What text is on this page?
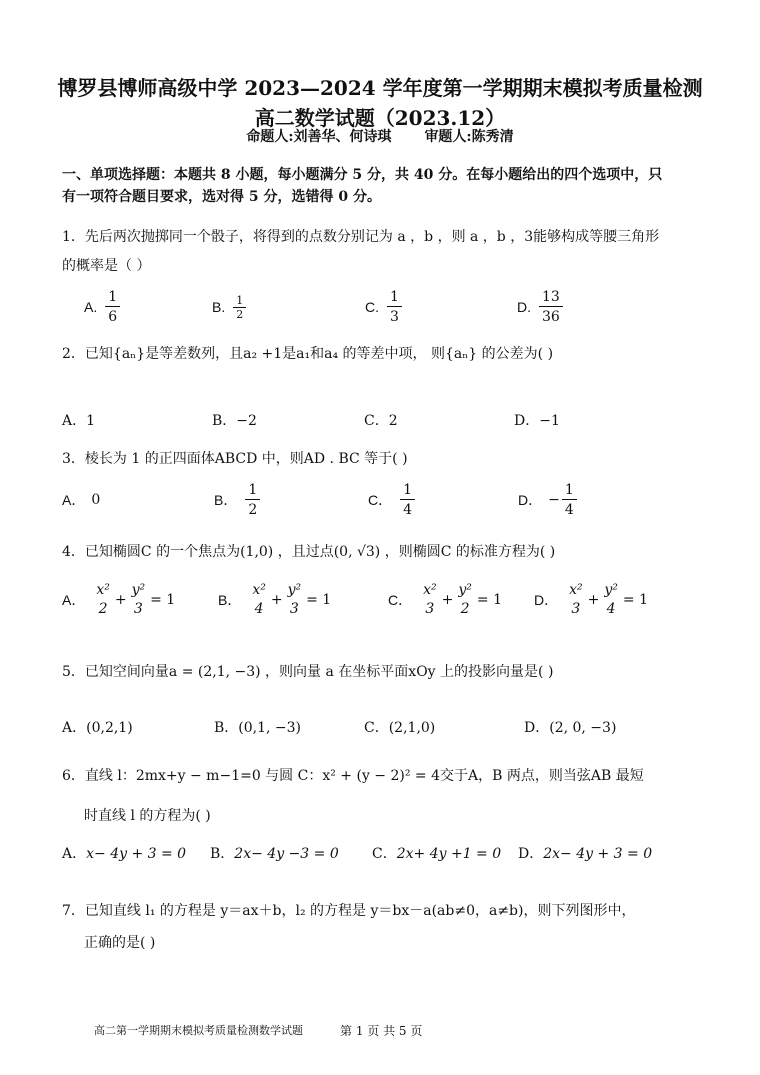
博罗县博师高级中学 2023—2024 学年度第一学期期末模拟考质量检测
高二数学试题（2023.12）
命题人:刘善华、何诗琪 审题人:陈秀清
一、单项选择题：本题共 8 小题，每小题满分 5 分，共 40 分。在每小题给出的四个选项中，只
有一项符合题目要求，选对得 5 分，选错得 0 分。
1．先后两次抛掷同一个骰子，将得到的点数分别记为 a ，b ，则 a ，b ，3能够构成等腰三角形
的概率是（ ）
A. $\frac{1}{6}$	B. $\frac{1}{2}$	C. $\frac{1}{3}$	D. $\frac{13}{36}$
2．已知{aₙ}是等差数列，且a₂ +1是a₁和a₄ 的等差中项， 则{aₙ} 的公差为( )
A．1	B．−2	C．2	D．−1
3．棱长为 1 的正四面体ABCD 中，则AD . BC 等于( )
A． 0	B． $\frac{1}{2}$	C． $\frac{1}{4}$	D． − $\frac{1}{4}$
4．已知椭圆C 的一个焦点为(1,0) ，且过点(0, √3) ，则椭圆C 的标准方程为( )
A．
x²
2
+
y²
3
= 1	B．
x²
4
+
y²
3
= 1	C．
x²
3
+
y²
2
= 1 D．
x²
3
+
y²
4
= 1
5．已知空间向量a = (2,1, −3) ，则向量 a 在坐标平面xOy 上的投影向量是( )
A．(0,2,1)	B．(0,1, −3)	C．(2,1,0)	D．(2, 0, −3)
6．直线 l：2mx+y − m−1=0 与圆 C：x² + (y − 2)² = 4交于A，B 两点，则当弦AB 最短
时直线 l 的方程为( )
A．x− 4y + 3 = 0 B．2x− 4y −3 = 0 C．2x+ 4y +1 = 0 D．2x− 4y + 3 = 0
7．已知直线 l₁ 的方程是 y＝ax＋b，l₂ 的方程是 y＝bx－a(ab≠0，a≠b)，则下列图形中，
正确的是( )
高二第一学期期末模拟考质量检测数学试题	第 1 页 共 5 页
